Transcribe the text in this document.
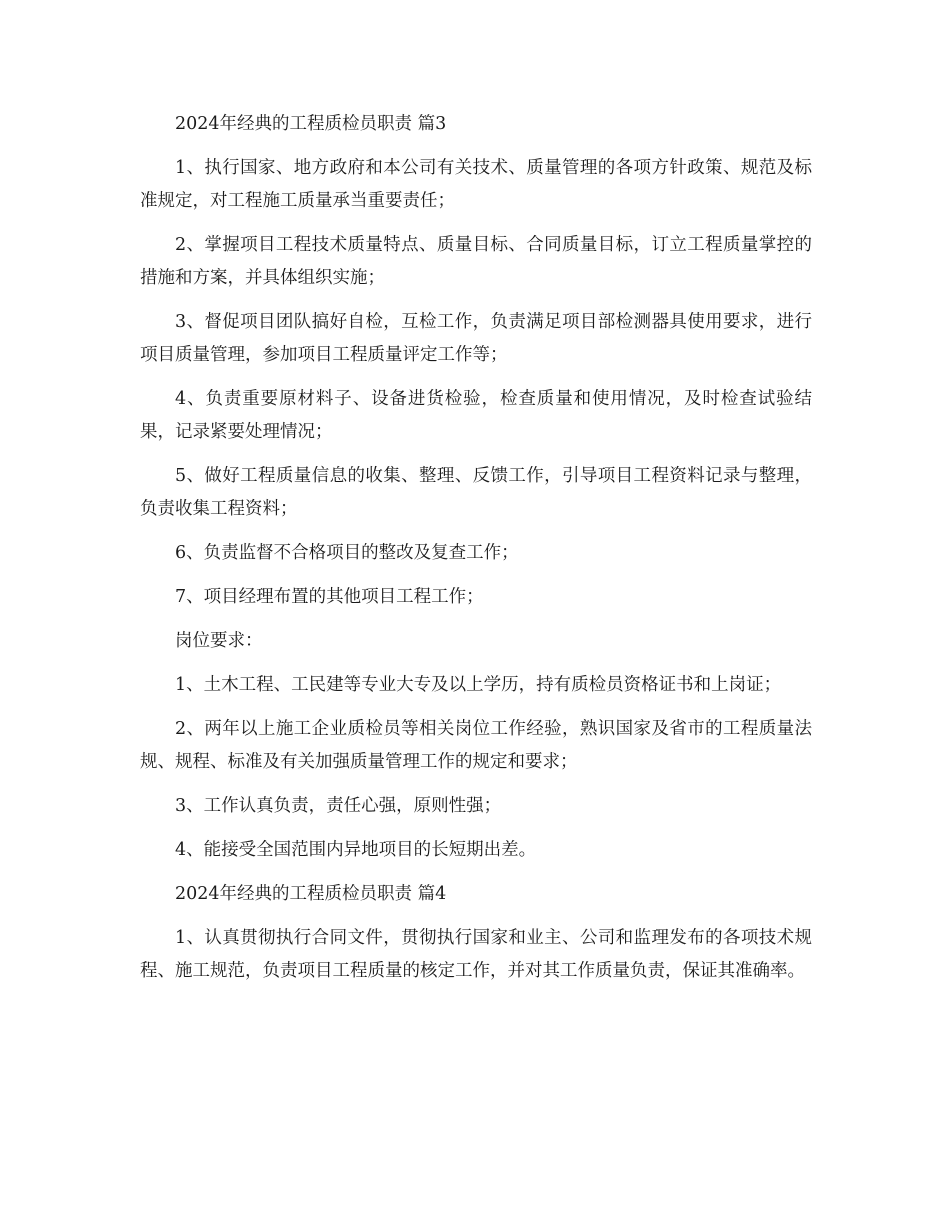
2024年经典的工程质检员职责 篇3

1、执行国家、地方政府和本公司有关技术、质量管理的各项方针政策、规范及标准规定，对工程施工质量承当重要责任；

2、掌握项目工程技术质量特点、质量目标、合同质量目标，订立工程质量掌控的措施和方案，并具体组织实施；

3、督促项目团队搞好自检，互检工作，负责满足项目部检测器具使用要求，进行项目质量管理，参加项目工程质量评定工作等；

4、负责重要原材料子、设备进货检验，检查质量和使用情况，及时检查试验结果，记录紧要处理情况；

5、做好工程质量信息的收集、整理、反馈工作，引导项目工程资料记录与整理，负责收集工程资料；

6、负责监督不合格项目的整改及复查工作；

7、项目经理布置的其他项目工程工作；

岗位要求：

1、土木工程、工民建等专业大专及以上学历，持有质检员资格证书和上岗证；

2、两年以上施工企业质检员等相关岗位工作经验，熟识国家及省市的工程质量法规、规程、标准及有关加强质量管理工作的规定和要求；

3、工作认真负责，责任心强，原则性强；

4、能接受全国范围内异地项目的长短期出差。

2024年经典的工程质检员职责 篇4

1、认真贯彻执行合同文件，贯彻执行国家和业主、公司和监理发布的各项技术规程、施工规范，负责项目工程质量的核定工作，并对其工作质量负责，保证其准确率。
